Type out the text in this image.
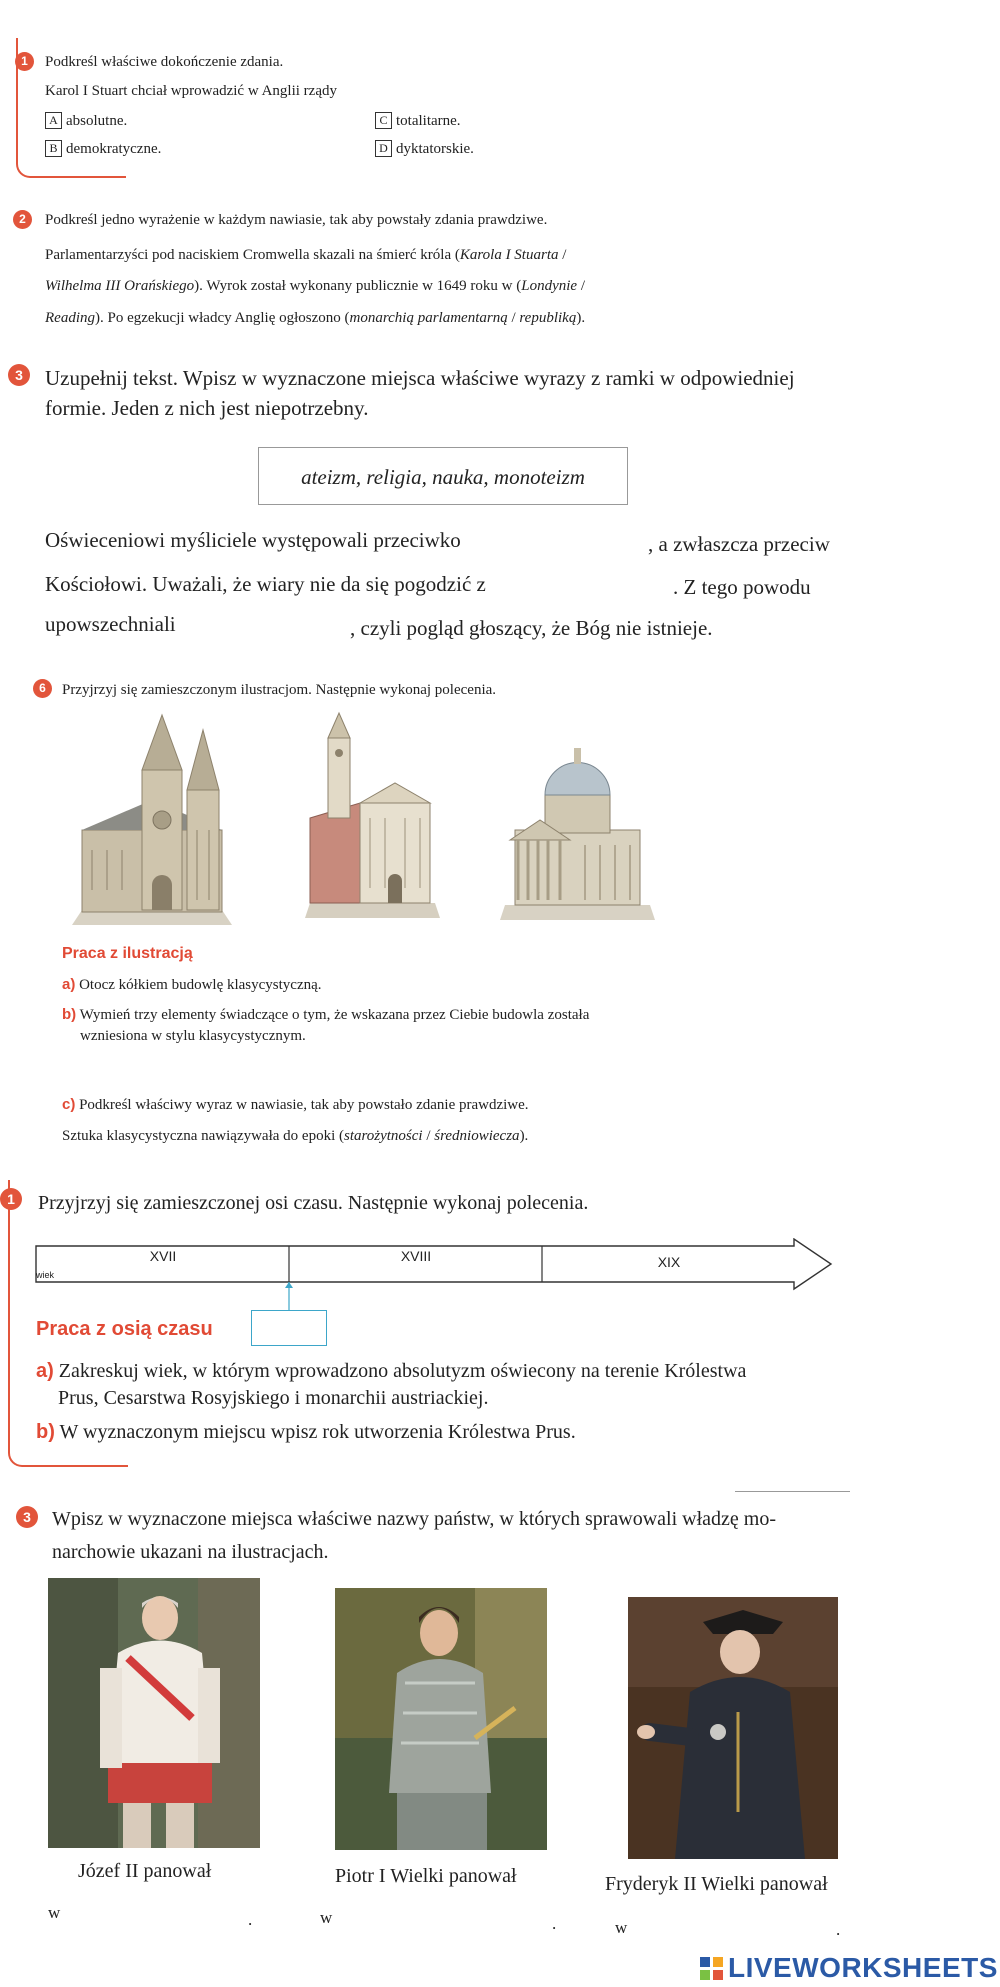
1	Podkreśl właściwe dokończenie zdania.
Karol I Stuart chciał wprowadzić w Anglii rządy
A absolutne.
B demokratyczne.
C totalitarne.
D dyktatorskie.
2	Podkreśl jedno wyrażenie w każdym nawiasie, tak aby powstały zdania prawdziwe.
Parlamentarzyści pod naciskiem Cromwella skazali na śmierć króla (Karola I Stuarta /
Wilhelma III Orańskiego). Wyrok został wykonany publicznie w 1649 roku w (Londynie /
Reading). Po egzekucji władcy Anglię ogłoszono (monarchią parlamentarną / republiką).
3	Uzupełnij tekst. Wpisz w wyznaczone miejsca właściwe wyrazy z ramki w odpowiedniej
formie. Jeden z nich jest niepotrzebny.
ateizm, religia, nauka, monoteizm
Oświeceniowi myśliciele występowali przeciwko	, a zwłaszcza przeciw
Kościołowi. Uważali, że wiary nie da się pogodzić z	. Z tego powodu
upowszechniali	, czyli pogląd głoszący, że Bóg nie istnieje.
6	Przyjrzyj się zamieszczonym ilustracjom. Następnie wykonaj polecenia.
Praca z ilustracją
a) Otocz kółkiem budowlę klasycystyczną.
b) Wymień trzy elementy świadczące o tym, że wskazana przez Ciebie budowla została
wzniesiona w stylu klasycystycznym.
c) Podkreśl właściwy wyraz w nawiasie, tak aby powstało zdanie prawdziwe.
Sztuka klasycystyczna nawiązywała do epoki (starożytności / średniowiecza).
1	Przyjrzyj się zamieszczonej osi czasu. Następnie wykonaj polecenia.
XVII	XVIII	XIX
wiek
Praca z osią czasu
a) Zakreskuj wiek, w którym wprowadzono absolutyzm oświecony na terenie Królestwa
Prus, Cesarstwa Rosyjskiego i monarchii austriackiej.
b) W wyznaczonym miejscu wpisz rok utworzenia Królestwa Prus.
3	Wpisz w wyznaczone miejsca właściwe nazwy państw, w których sprawowali władzę mo-
narchowie ukazani na ilustracjach.
Józef II panował	Piotr I Wielki panował	Fryderyk II Wielki panował
w	.	w	.	w	.
LIVEWORKSHEETS
